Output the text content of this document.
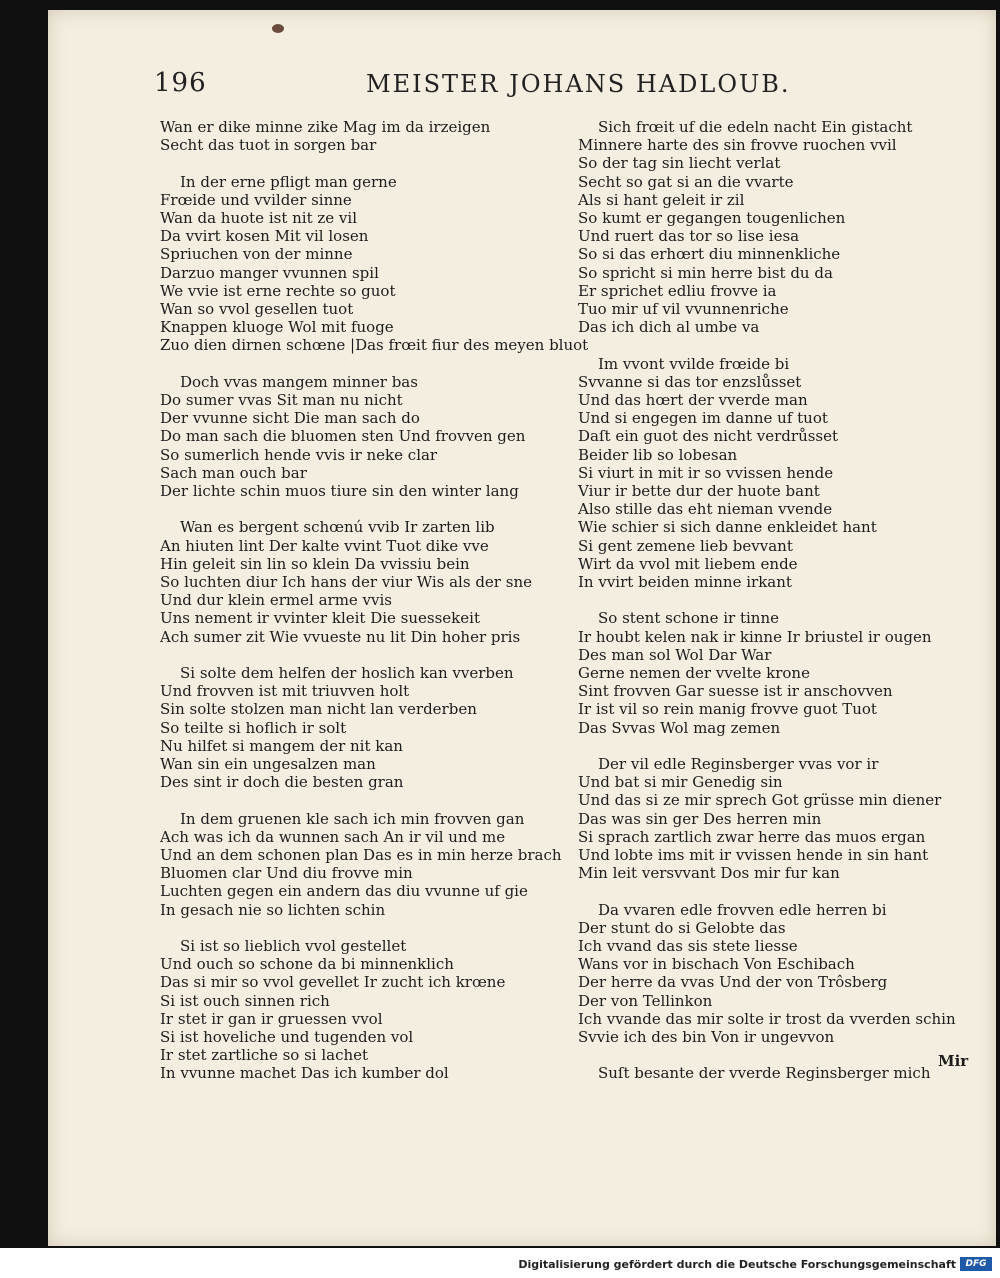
196	MEISTER JOHANS HADLOUB.
Wan er dike minne zike Mag im da irzeigen
Secht das tuot in sorgen bar
In der erne pfligt man gerne
Frœide und vvilder sinne
Wan da huote ist nit ze vil
Da vvirt kosen Mit vil losen
Spriuchen von der minne
Darzuo manger vvunnen spil
We vvie ist erne rechte so guot
Wan so vvol gesellen tuot
Knappen kluoge Wol mit fuoge
Zuo dien dirnen schœne |Das frœit fiur des meyen bluot
Doch vvas mangem minner bas
Do sumer vvas Sit man nu nicht
Der vvunne sicht Die man sach do
Do man sach die bluomen sten Und frovven gen
So sumerlich hende vvis ir neke clar
Sach man ouch bar
Der lichte schin muos tiure sin den winter lang
Wan es bergent schœnú vvib Ir zarten lib
An hiuten lint Der kalte vvint Tuot dike vve
Hin geleit sin lin so klein Da vvissiu bein
So luchten diur Ich hans der viur Wis als der sne
Und dur klein ermel arme vvis
Uns nement ir vvinter kleit Die suessekeit
Ach sumer zit Wie vvueste nu lit Din hoher pris
Si solte dem helfen der hoslich kan vverben
Und frovven ist mit triuvven holt
Sin solte stolzen man nicht lan verderben
So teilte si hoflich ir solt
Nu hilfet si mangem der nit kan
Wan sin ein ungesalzen man
Des sint ir doch die besten gran
In dem gruenen kle sach ich min frovven gan
Ach was ich da wunnen sach An ir vil und me
Und an dem schonen plan Das es in min herze brach
Bluomen clar Und diu frovve min
Luchten gegen ein andern das diu vvunne uf gie
In gesach nie so lichten schin
Si ist so lieblich vvol gestellet
Und ouch so schone da bi minnenklich
Das si mir so vvol gevellet Ir zucht ich krœne
Si ist ouch sinnen rich
Ir stet ir gan ir gruessen vvol
Si ist hoveliche und tugenden vol
Ir stet zartliche so si lachet
In vvunne machet Das ich kumber dol
Sich frœit uf die edeln nacht Ein gistacht
Minnere harte des sin frovve ruochen vvil
So der tag sin liecht verlat
Secht so gat si an die vvarte
Als si hant geleit ir zil
So kumt er gegangen tougenlichen
Und ruert das tor so lise iesa
So si das erhœrt diu minnenkliche
So spricht si min herre bist du da
Er sprichet edliu frovve ia
Tuo mir uf vil vvunnenriche
Das ich dich al umbe va
Im vvont vvilde frœide bi
Svvanne si das tor enzslůsset
Und das hœrt der vverde man
Und si engegen im danne uf tuot
Daſt ein guot des nicht verdrůsset
Beider lib so lobesan
Si viurt in mit ir so vvissen hende
Viur ir bette dur der huote bant
Also stille das eht nieman vvende
Wie schier si sich danne enkleidet hant
Si gent zemene lieb bevvant
Wirt da vvol mit liebem ende
In vvirt beiden minne irkant
So stent schone ir tinne
Ir houbt kelen nak ir kinne Ir briustel ir ougen
Des man sol Wol Dar War
Gerne nemen der vvelte krone
Sint frovven Gar suesse ist ir anschovven
Ir ist vil so rein manig frovve guot Tuot
Das Svvas Wol mag zemen
Der vil edle Reginsberger vvas vor ir
Und bat si mir Genedig sin
Und das si ze mir sprech Got grüsse min diener
Das was sin ger Des herren min
Si sprach zartlich zwar herre das muos ergan
Und lobte ims mit ir vvissen hende in sin hant
Min leit versvvant Dos mir fur kan
Da vvaren edle frovven edle herren bi
Der stunt do si Gelobte das
Ich vvand das sis stete liesse
Wans vor in bischach Von Eschibach
Der herre da vvas Und der von Trôsberg
Der von Tellinkon
Ich vvande das mir solte ir trost da vverden schin
Svvie ich des bin Von ir ungevvon
Suſt besante der vverde Reginsberger mich
Mir
Digitalisierung gefördert durch die Deutsche Forschungsgemeinschaft	DFG
